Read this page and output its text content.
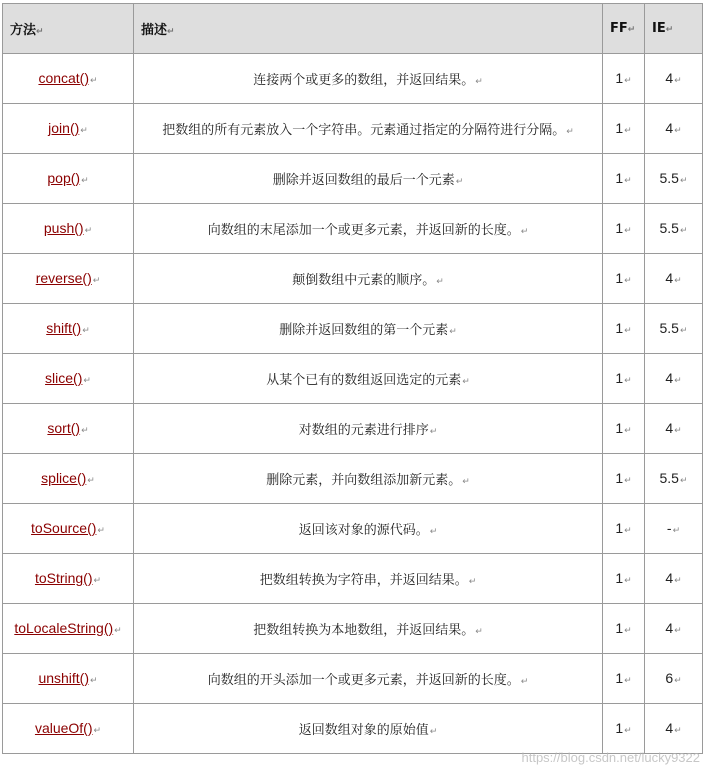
方法↵	描述↵	FF↵	IE↵
concat()↵	连接两个或更多的数组，并返回结果。↵	1↵	4↵
join()↵	把数组的所有元素放入一个字符串。元素通过指定的分隔符进行分隔。↵	1↵	4↵
pop()↵	删除并返回数组的最后一个元素↵	1↵	5.5↵
push()↵	向数组的末尾添加一个或更多元素，并返回新的长度。↵	1↵	5.5↵
reverse()↵	颠倒数组中元素的顺序。↵	1↵	4↵
shift()↵	删除并返回数组的第一个元素↵	1↵	5.5↵
slice()↵	从某个已有的数组返回选定的元素↵	1↵	4↵
sort()↵	对数组的元素进行排序↵	1↵	4↵
splice()↵	删除元素，并向数组添加新元素。↵	1↵	5.5↵
toSource()↵	返回该对象的源代码。↵	1↵	-↵
toString()↵	把数组转换为字符串，并返回结果。↵	1↵	4↵
toLocaleString()↵	把数组转换为本地数组，并返回结果。↵	1↵	4↵
unshift()↵	向数组的开头添加一个或更多元素，并返回新的长度。↵	1↵	6↵
valueOf()↵	返回数组对象的原始值↵	1↵	4↵
https://blog.csdn.net/lucky9322
